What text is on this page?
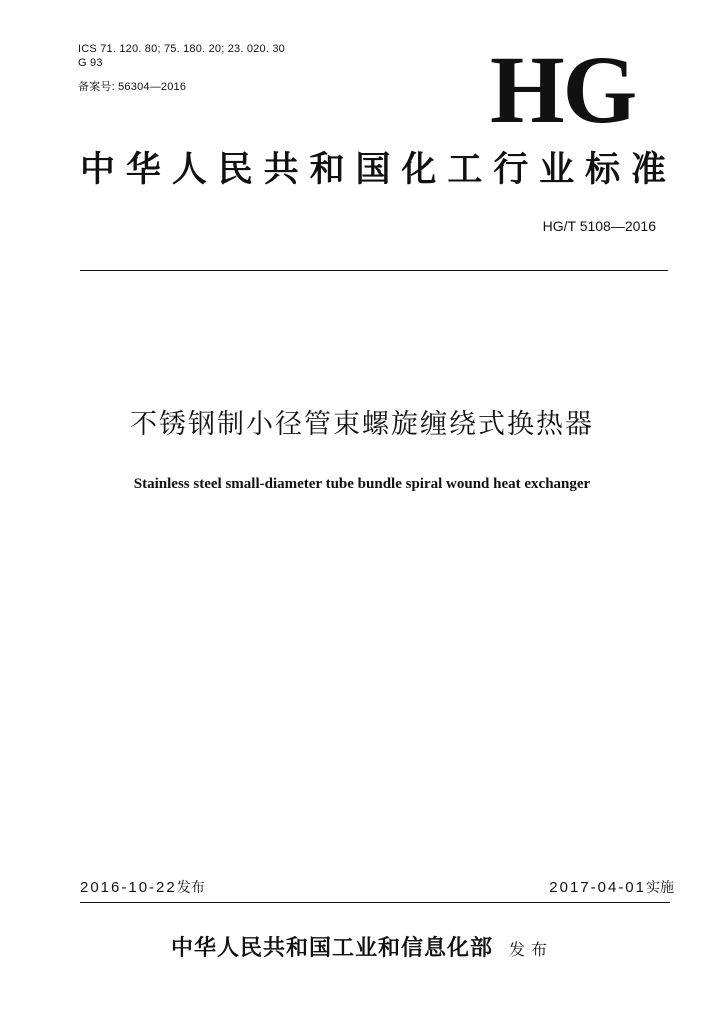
ICS 71. 120. 80; 75. 180. 20; 23. 020. 30
G 93
备案号: 56304—2016	HG
中华人民共和国化工行业标准
HG/T 5108—2016
不锈钢制小径管束螺旋缠绕式换热器
Stainless steel small-diameter tube bundle spiral wound heat exchanger
2016-10-22发布	2017-04-01实施
中华人民共和国工业和信息化部 发布
